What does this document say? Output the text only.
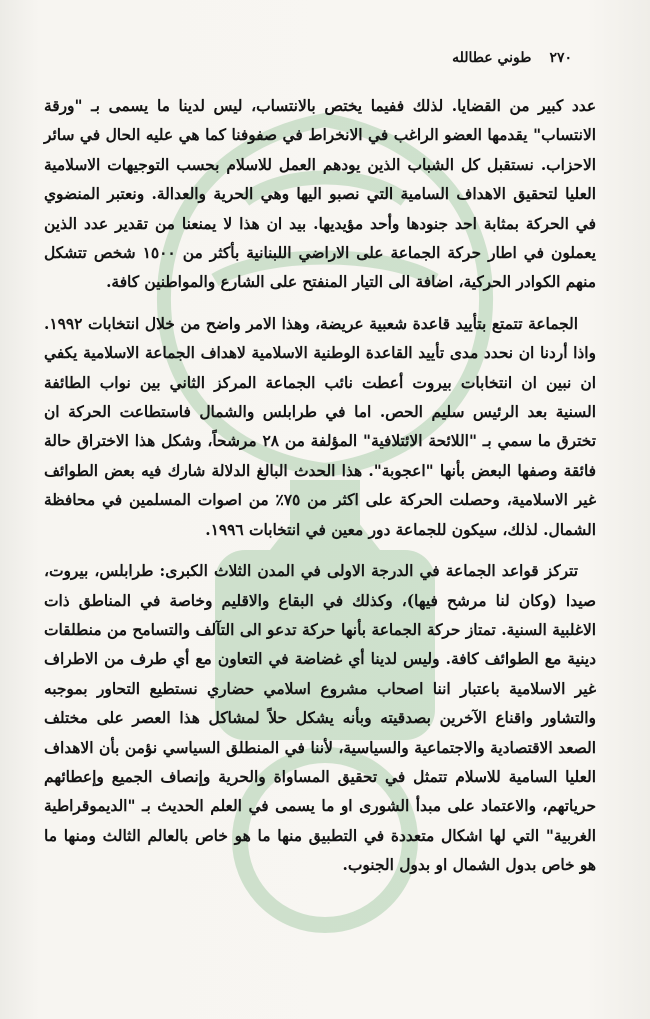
٢٧٠
طوني عطالله

عدد كبير من القضايا. لذلك ففيما يختص بالانتساب، ليس لدينا ما يسمى بـ "ورقة الانتساب" يقدمها العضو الراغب في الانخراط في صفوفنا كما هي عليه الحال في سائر الاحزاب. نستقبل كل الشباب الذين يودهم العمل للاسلام بحسب التوجيهات الاسلامية العليا لتحقيق الاهداف السامية التي نصبو اليها وهي الحرية والعدالة. ونعتبر المنضوي في الحركة بمثابة احد جنودها وأحد مؤيديها. بيد ان هذا لا يمنعنا من تقدير عدد الذين يعملون في اطار حركة الجماعة على الاراضي اللبنانية بأكثر من ١٥٠٠ شخص تتشكل منهم الكوادر الحركية، اضافة الى التيار المنفتح على الشارع والمواطنين كافة.

الجماعة تتمتع بتأييد قاعدة شعبية عريضة، وهذا الامر واضح من خلال انتخابات ١٩٩٢. واذا أردنا ان نحدد مدى تأييد القاعدة الوطنية الاسلامية لاهداف الجماعة الاسلامية يكفي ان نبين ان انتخابات بيروت أعطت نائب الجماعة المركز الثاني بين نواب الطائفة السنية بعد الرئيس سليم الحص. اما في طرابلس والشمال فاستطاعت الحركة ان تخترق ما سمي بـ "اللائحة الائتلافية" المؤلفة من ٢٨ مرشحاً، وشكل هذا الاختراق حالة فائقة وصفها البعض بأنها "اعجوبة". هذا الحدث البالغ الدلالة شارك فيه بعض الطوائف غير الاسلامية، وحصلت الحركة على اكثر من ٧٥٪ من اصوات المسلمين في محافظة الشمال. لذلك، سيكون للجماعة دور معين في انتخابات ١٩٩٦.

تتركز قواعد الجماعة في الدرجة الاولى في المدن الثلاث الكبرى: طرابلس، بيروت، صيدا (وكان لنا مرشح فيها)، وكذلك في البقاع والاقليم وخاصة في المناطق ذات الاغلبية السنية. تمتاز حركة الجماعة بأنها حركة تدعو الى التآلف والتسامح من منطلقات دينية مع الطوائف كافة. وليس لدينا أي غضاضة في التعاون مع أي طرف من الاطراف غير الاسلامية باعتبار اننا اصحاب مشروع اسلامي حضاري نستطيع التحاور بموجبه والتشاور واقناع الآخرين بصدقيته وبأنه يشكل حلاً لمشاكل هذا العصر على مختلف الصعد الاقتصادية والاجتماعية والسياسية، لأننا في المنطلق السياسي نؤمن بأن الاهداف العليا السامية للاسلام تتمثل في تحقيق المساواة والحرية وإنصاف الجميع وإعطائهم حرياتهم، والاعتماد على مبدأ الشورى او ما يسمى في العلم الحديث بـ "الديموقراطية الغربية" التي لها اشكال متعددة في التطبيق منها ما هو خاص بالعالم الثالث ومنها ما هو خاص بدول الشمال او بدول الجنوب.
